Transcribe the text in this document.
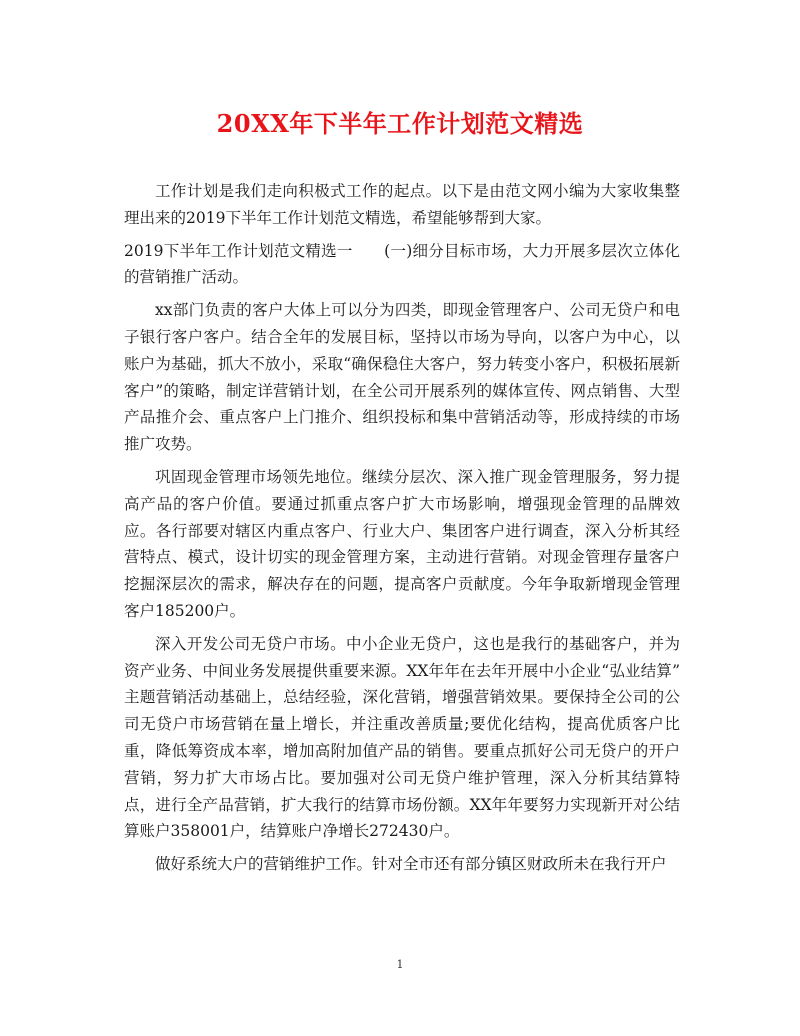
20XX年下半年工作计划范文精选

工作计划是我们走向积极式工作的起点。以下是由范文网小编为大家收集整理出来的2019下半年工作计划范文精选，希望能够帮到大家。

2019下半年工作计划范文精选一　　(一)细分目标市场，大力开展多层次立体化的营销推广活动。

xx部门负责的客户大体上可以分为四类，即现金管理客户、公司无贷户和电子银行客户客户。结合全年的发展目标，坚持以市场为导向，以客户为中心，以账户为基础，抓大不放小，采取“确保稳住大客户，努力转变小客户，积极拓展新客户”的策略，制定详营销计划，在全公司开展系列的媒体宣传、网点销售、大型产品推介会、重点客户上门推介、组织投标和集中营销活动等，形成持续的市场推广攻势。

巩固现金管理市场领先地位。继续分层次、深入推广现金管理服务，努力提高产品的客户价值。要通过抓重点客户扩大市场影响，增强现金管理的品牌效应。各行部要对辖区内重点客户、行业大户、集团客户进行调查，深入分析其经营特点、模式，设计切实的现金管理方案，主动进行营销。对现金管理存量客户挖掘深层次的需求，解决存在的问题，提高客户贡献度。今年争取新增现金管理客户185200户。

深入开发公司无贷户市场。中小企业无贷户，这也是我行的基础客户，并为资产业务、中间业务发展提供重要来源。XX年年在去年开展中小企业“弘业结算” 主题营销活动基础上，总结经验，深化营销，增强营销效果。要保持全公司的公司无贷户市场营销在量上增长，并注重改善质量;要优化结构，提高优质客户比重，降低筹资成本率，增加高附加值产品的销售。要重点抓好公司无贷户的开户营销，努力扩大市场占比。要加强对公司无贷户维护管理，深入分析其结算特点，进行全产品营销，扩大我行的结算市场份额。XX年年要努力实现新开对公结算账户358001户，结算账户净增长272430户。

做好系统大户的营销维护工作。针对全市还有部分镇区财政所未在我行开户

1
